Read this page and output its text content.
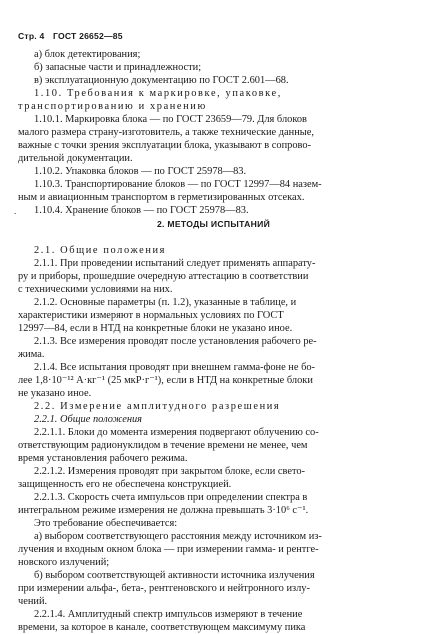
Стр. 4 ГОСТ 26652—85
а) блок детектирования;
б) запасные части и принадлежности;
в) эксплуатационную документацию по ГОСТ 2.601—68.
1.10. Требования к маркировке, упаковке,
транспортированию и хранению
1.10.1. Маркировка блока — по ГОСТ 23659—79. Для блоков
малого размера страну-изготовитель, а также технические данные,
важные с точки зрения эксплуатации блока, указывают в сопрово-
дительной документации.
1.10.2. Упаковка блоков — по ГОСТ 25978—83.
1.10.3. Транспортирование блоков — по ГОСТ 12997—84 назем-
ным и авиационным транспортом в герметизированных отсеках.
1.10.4. Хранение блоков — по ГОСТ 25978—83.
.
2. МЕТОДЫ ИСПЫТАНИЙ
2.1. Общие положения
2.1.1. При проведении испытаний следует применять аппарату-
ру и приборы, прошедшие очередную аттестацию в соответствии
с техническими условиями на них.
2.1.2. Основные параметры (п. 1.2), указанные в таблице, и
характеристики измеряют в нормальных условиях по ГОСТ
12997—84, если в НТД на конкретные блоки не указано иное.
2.1.3. Все измерения проводят после установления рабочего ре-
жима.
2.1.4. Все испытания проводят при внешнем гамма-фоне не бо-
лее 1,8·10⁻¹² А·кг⁻¹ (25 мкР·г⁻¹), если в НТД на конкретные блоки
не указано иное.
2.2. Измерение амплитудного разрешения
2.2.1. Общие положения
2.2.1.1. Блоки до момента измерения подвергают облучению со-
ответствующим радионуклидом в течение времени не менее, чем
время установления рабочего режима.
2.2.1.2. Измерения проводят при закрытом блоке, если свето-
защищенность его не обеспечена конструкцией.
2.2.1.3. Скорость счета импульсов при определении спектра в
интегральном режиме измерения не должна превышать 3·10⁶ с⁻¹.
Это требование обеспечивается:
а) выбором соответствующего расстояния между источником из-
лучения и входным окном блока — при измерении гамма- и рентге-
новского излучений;
б) выбором соответствующей активности источника излучения
при измерении альфа-, бета-, рентгеновского и нейтронного излу-
чений.
2.2.1.4. Амплитудный спектр импульсов измеряют в течение
времени, за которое в канале, соответствующем максимуму пика
